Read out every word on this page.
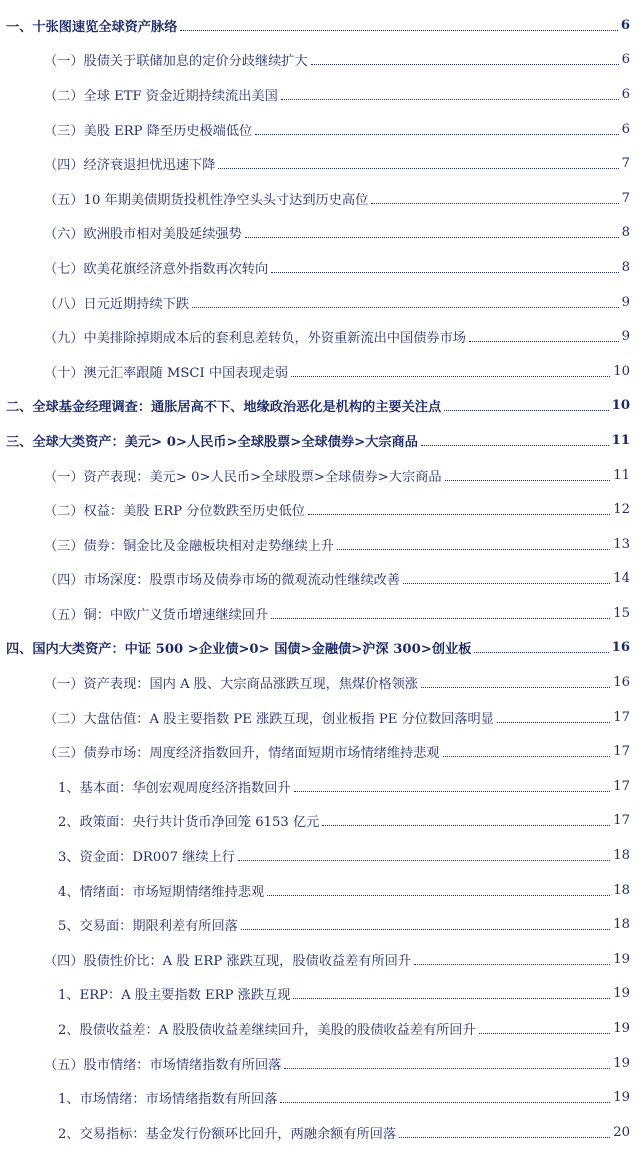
一、十张图速览全球资产脉络	6
（一）股债关于联储加息的定价分歧继续扩大	6
（二）全球 ETF 资金近期持续流出美国	6
（三）美股 ERP 降至历史极端低位	6
（四）经济衰退担忧迅速下降	7
（五）10 年期美债期货投机性净空头头寸达到历史高位	7
（六）欧洲股市相对美股延续强势	8
（七）欧美花旗经济意外指数再次转向	8
（八）日元近期持续下跌	9
（九）中美排除掉期成本后的套利息差转负，外资重新流出中国债券市场	9
（十）澳元汇率跟随 MSCI 中国表现走弱	10
二、全球基金经理调查：通胀居高不下、地缘政治恶化是机构的主要关注点	10
三、全球大类资产：美元> 0>人民币>全球股票>全球债券>大宗商品	11
（一）资产表现：美元> 0>人民币>全球股票>全球债券>大宗商品	11
（二）权益：美股 ERP 分位数跌至历史低位	12
（三）债券：铜金比及金融板块相对走势继续上升	13
（四）市场深度：股票市场及债券市场的微观流动性继续改善	14
（五）铜：中欧广义货币增速继续回升	15
四、国内大类资产：中证 500 >企业债>0> 国债>金融债>沪深 300>创业板	16
（一）资产表现：国内 A 股、大宗商品涨跌互现，焦煤价格领涨	16
（二）大盘估值：A 股主要指数 PE 涨跌互现，创业板指 PE 分位数回落明显	17
（三）债券市场：周度经济指数回升，情绪面短期市场情绪维持悲观	17
1、基本面：华创宏观周度经济指数回升	17
2、政策面：央行共计货币净回笼 6153 亿元	17
3、资金面：DR007 继续上行	18
4、情绪面：市场短期情绪维持悲观	18
5、交易面：期限利差有所回落	18
（四）股债性价比：A 股 ERP 涨跌互现，股债收益差有所回升	19
1、ERP：A 股主要指数 ERP 涨跌互现	19
2、股债收益差：A 股股债收益差继续回升，美股的股债收益差有所回升	19
（五）股市情绪：市场情绪指数有所回落	19
1、市场情绪：市场情绪指数有所回落	19
2、交易指标：基金发行份额环比回升，两融余额有所回落	20
